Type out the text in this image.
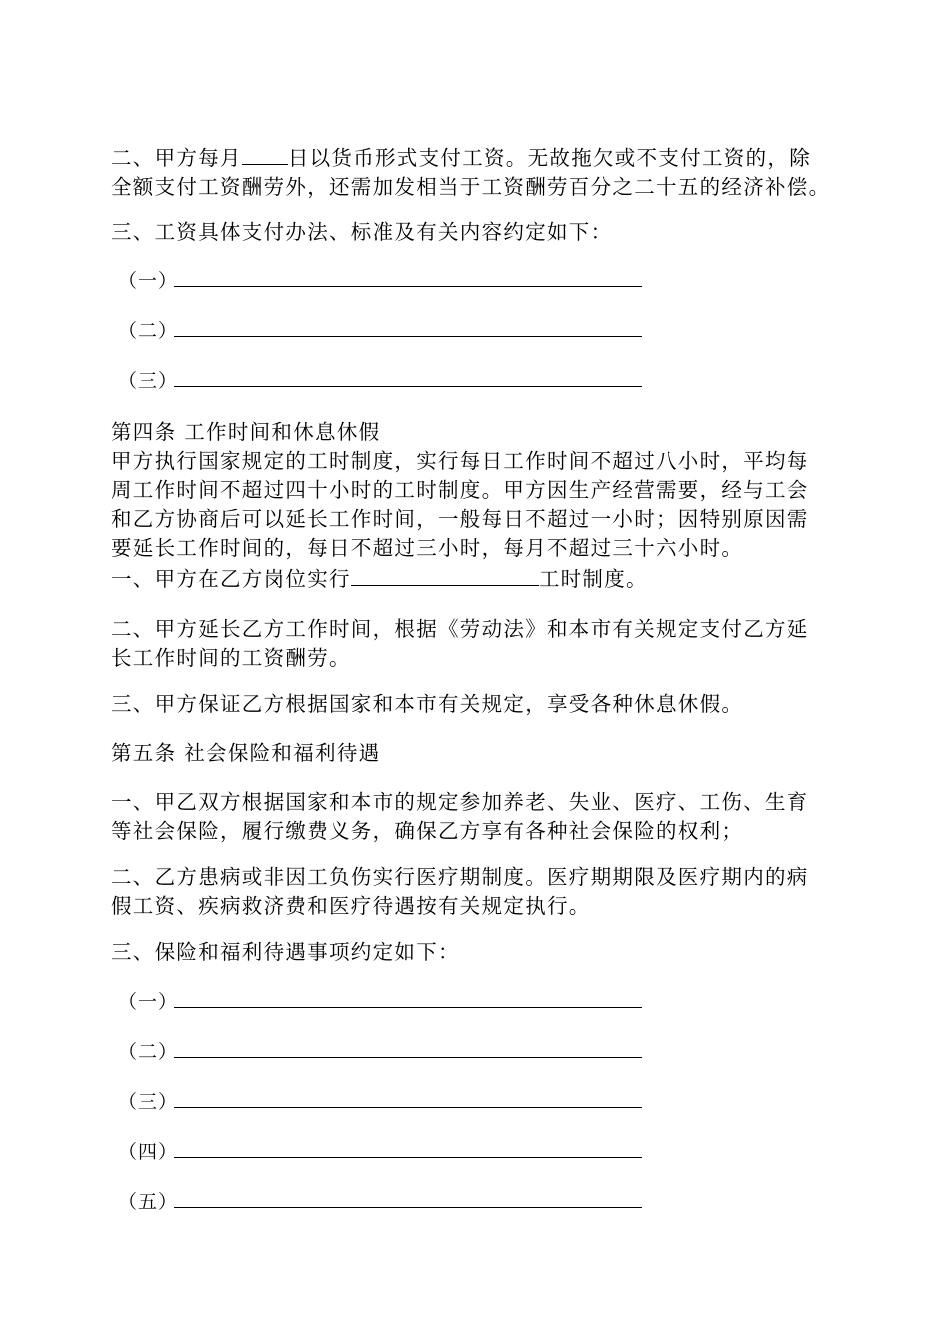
二、甲方每月 日以货币形式支付工资。无故拖欠或不支付工资的，除
全额支付工资酬劳外，还需加发相当于工资酬劳百分之二十五的经济补偿。
三、工资具体支付办法、标准及有关内容约定如下：
（一）
（二）
（三）
第四条 工作时间和休息休假
甲方执行国家规定的工时制度，实行每日工作时间不超过八小时，平均每
周工作时间不超过四十小时的工时制度。甲方因生产经营需要，经与工会
和乙方协商后可以延长工作时间，一般每日不超过一小时；因特别原因需
要延长工作时间的，每日不超过三小时，每月不超过三十六小时。
一、甲方在乙方岗位实行	工时制度。
二、甲方延长乙方工作时间，根据《劳动法》和本市有关规定支付乙方延
长工作时间的工资酬劳。
三、甲方保证乙方根据国家和本市有关规定，享受各种休息休假。
第五条 社会保险和福利待遇
一、甲乙双方根据国家和本市的规定参加养老、失业、医疗、工伤、生育
等社会保险，履行缴费义务，确保乙方享有各种社会保险的权利；
二、乙方患病或非因工负伤实行医疗期制度。医疗期期限及医疗期内的病
假工资、疾病救济费和医疗待遇按有关规定执行。
三、保险和福利待遇事项约定如下：
（一）
（二）
（三）
（四）
（五）
